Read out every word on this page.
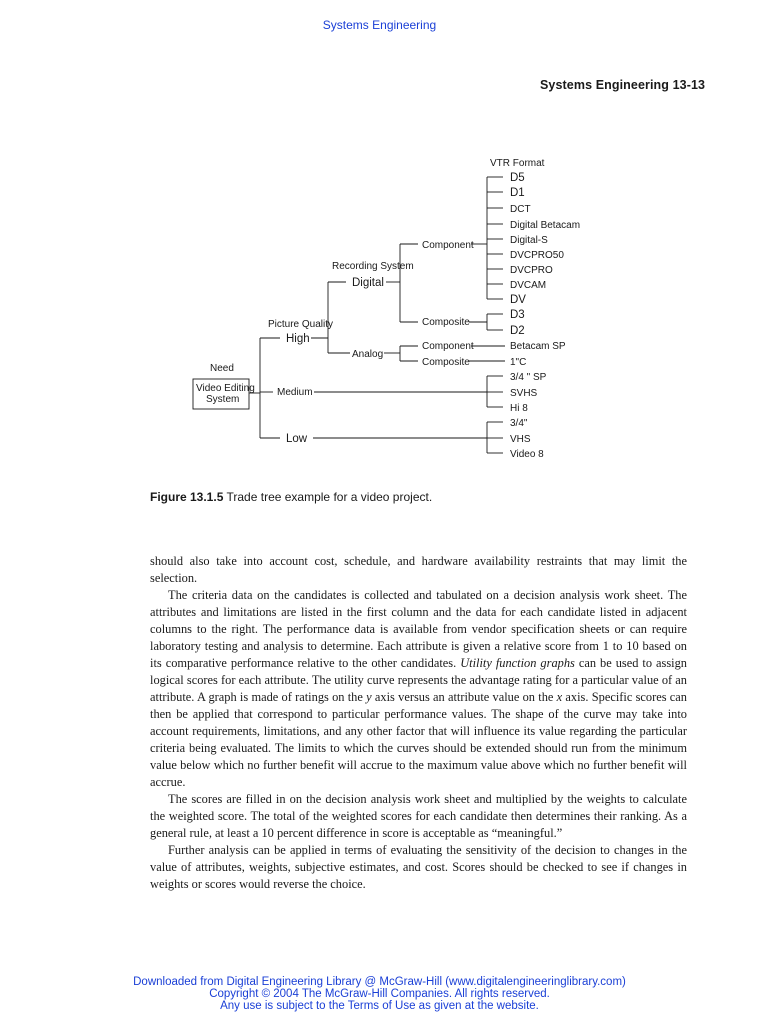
Systems Engineering
Systems Engineering 13-13
Need
Video Editing
System
Picture Quality
High
Medium
Low
Recording System
Digital
Analog
Component
Composite
Component
Composite
VTR Format
D5
D1
DCT
Digital Betacam
Digital-S
DVCPRO50
DVCPRO
DVCAM
DV
D3
D2
Betacam SP
1"C
3/4 " SP
SVHS
Hi 8
3/4"
VHS
Video 8
Figure 13.1.5 Trade tree example for a video project.

should also take into account cost, schedule, and hardware availability restraints that may limit the selection.

The criteria data on the candidates is collected and tabulated on a decision analysis work sheet. The attributes and limitations are listed in the first column and the data for each candidate listed in adjacent columns to the right. The performance data is available from vendor specification sheets or can require laboratory testing and analysis to determine. Each attribute is given a relative score from 1 to 10 based on its comparative performance relative to the other candidates. Utility function graphs can be used to assign logical scores for each attribute. The utility curve represents the advantage rating for a particular value of an attribute. A graph is made of ratings on the y axis versus an attribute value on the x axis. Specific scores can then be applied that correspond to particular performance values. The shape of the curve may take into account requirements, limitations, and any other factor that will influence its value regarding the particular criteria being evaluated. The limits to which the curves should be extended should run from the minimum value below which no further benefit will accrue to the maximum value above which no further benefit will accrue.

The scores are filled in on the decision analysis work sheet and multiplied by the weights to calculate the weighted score. The total of the weighted scores for each candidate then determines their ranking. As a general rule, at least a 10 percent difference in score is acceptable as “meaningful.”

Further analysis can be applied in terms of evaluating the sensitivity of the decision to changes in the value of attributes, weights, subjective estimates, and cost. Scores should be checked to see if changes in weights or scores would reverse the choice.

Downloaded from Digital Engineering Library @ McGraw-Hill (www.digitalengineeringlibrary.com)
Copyright © 2004 The McGraw-Hill Companies. All rights reserved.
Any use is subject to the Terms of Use as given at the website.
